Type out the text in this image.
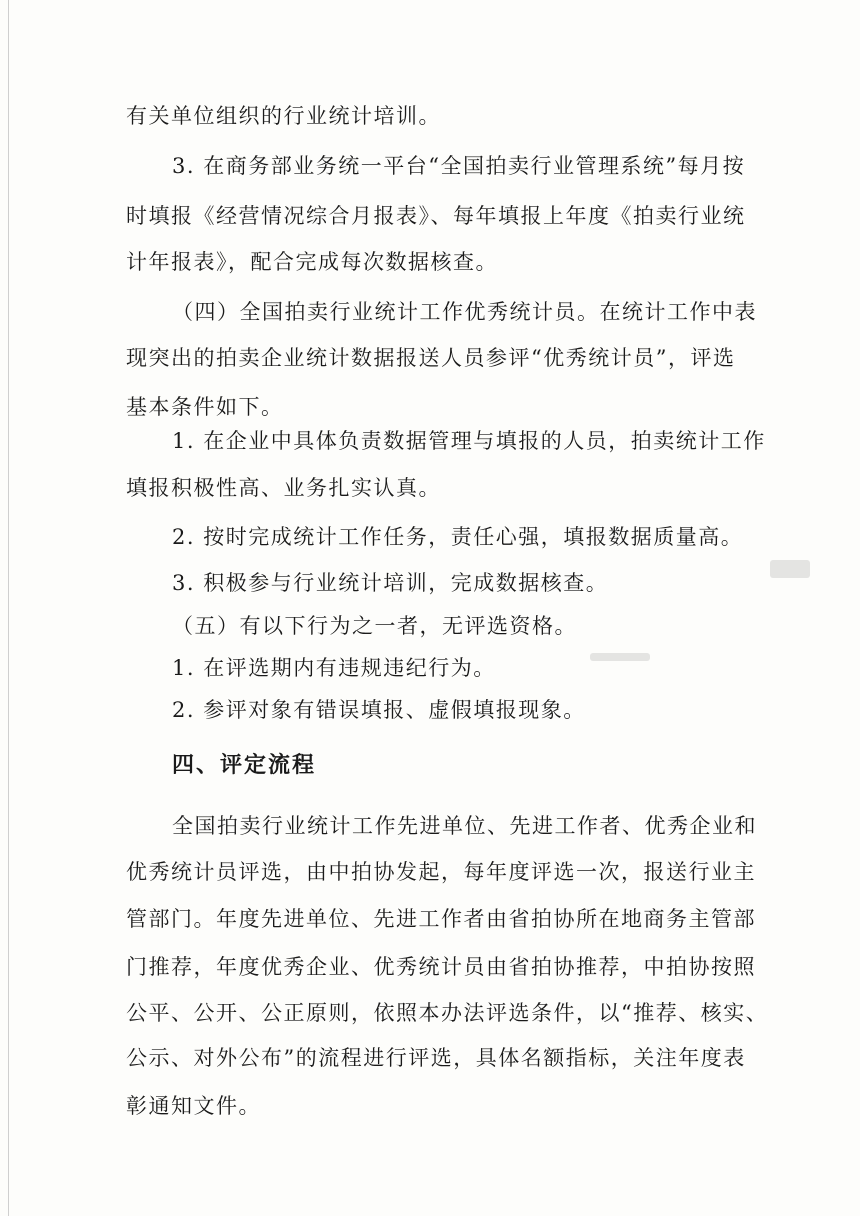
有关单位组织的行业统计培训。
3. 在商务部业务统一平台“全国拍卖行业管理系统”每月按
时填报《经营情况综合月报表》、每年填报上年度《拍卖行业统
计年报表》，配合完成每次数据核查。
（四）全国拍卖行业统计工作优秀统计员。在统计工作中表
现突出的拍卖企业统计数据报送人员参评“优秀统计员”，评选
基本条件如下。
1. 在企业中具体负责数据管理与填报的人员，拍卖统计工作
填报积极性高、业务扎实认真。
2. 按时完成统计工作任务，责任心强，填报数据质量高。
3. 积极参与行业统计培训，完成数据核查。
（五）有以下行为之一者，无评选资格。
1. 在评选期内有违规违纪行为。
2. 参评对象有错误填报、虚假填报现象。
四、评定流程
全国拍卖行业统计工作先进单位、先进工作者、优秀企业和
优秀统计员评选，由中拍协发起，每年度评选一次，报送行业主
管部门。年度先进单位、先进工作者由省拍协所在地商务主管部
门推荐，年度优秀企业、优秀统计员由省拍协推荐，中拍协按照
公平、公开、公正原则，依照本办法评选条件，以“推荐、核实、
公示、对外公布”的流程进行评选，具体名额指标，关注年度表
彰通知文件。
